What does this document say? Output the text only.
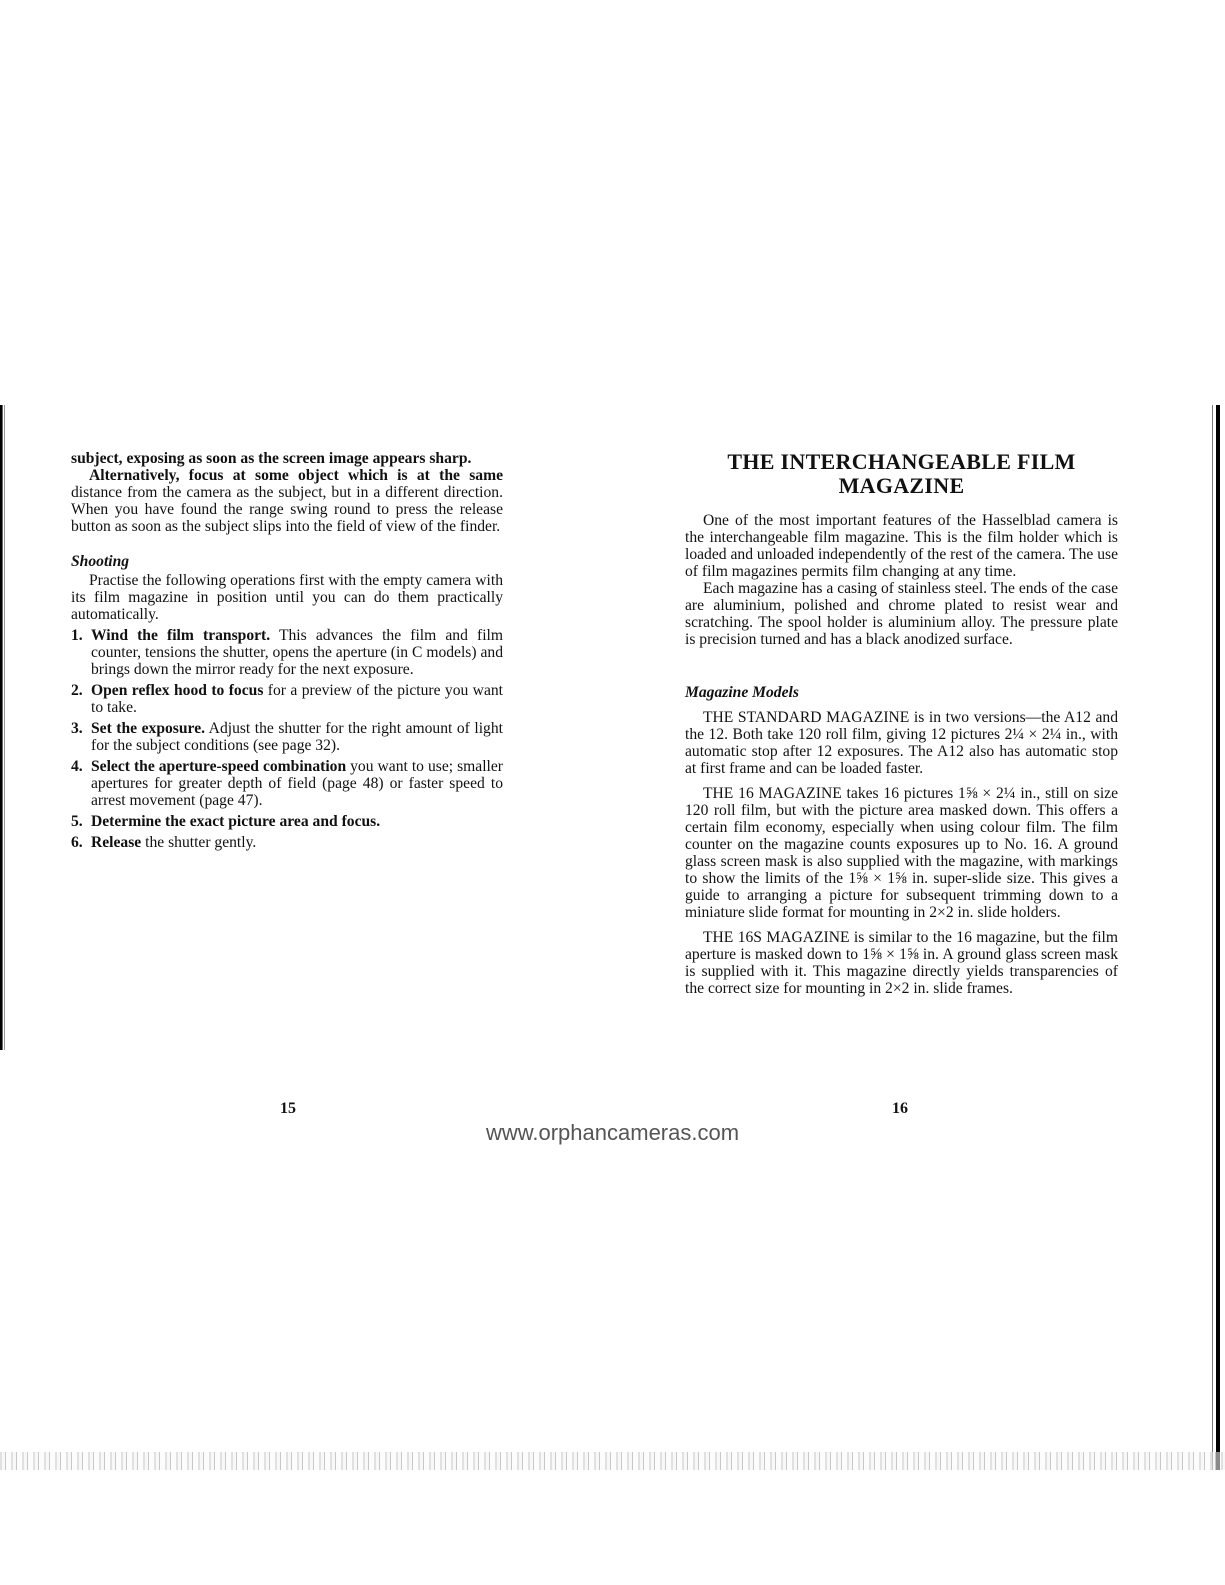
subject, exposing as soon as the screen image appears sharp.

Alternatively, focus at some object which is at the same distance from the camera as the subject, but in a different direction. When you have found the range swing round to press the release button as soon as the subject slips into the field of view of the finder.

Shooting

Practise the following operations first with the empty camera with its film magazine in position until you can do them practically automatically.

1. Wind the film transport. This advances the film and film counter, tensions the shutter, opens the aperture (in C models) and brings down the mirror ready for the next exposure.
2. Open reflex hood to focus for a preview of the picture you want to take.
3. Set the exposure. Adjust the shutter for the right amount of light for the subject conditions (see page 32).
4. Select the aperture-speed combination you want to use; smaller apertures for greater depth of field (page 48) or faster speed to arrest movement (page 47).
5. Determine the exact picture area and focus.
6. Release the shutter gently.
15
THE INTERCHANGEABLE FILM
MAGAZINE

One of the most important features of the Hasselblad camera is the interchangeable film magazine. This is the film holder which is loaded and unloaded independently of the rest of the camera. The use of film magazines permits film changing at any time.

Each magazine has a casing of stainless steel. The ends of the case are aluminium, polished and chrome plated to resist wear and scratching. The spool holder is aluminium alloy. The pressure plate is precision turned and has a black anodized surface.

Magazine Models

THE STANDARD MAGAZINE is in two versions—the A12 and the 12. Both take 120 roll film, giving 12 pictures 2¼ × 2¼ in., with automatic stop after 12 exposures. The A12 also has automatic stop at first frame and can be loaded faster.

THE 16 MAGAZINE takes 16 pictures 1⅝ × 2¼ in., still on size 120 roll film, but with the picture area masked down. This offers a certain film economy, especially when using colour film. The film counter on the magazine counts exposures up to No. 16. A ground glass screen mask is also supplied with the magazine, with markings to show the limits of the 1⅝ × 1⅝ in. super-slide size. This gives a guide to arranging a picture for subsequent trimming down to a miniature slide format for mounting in 2×2 in. slide holders.

THE 16S MAGAZINE is similar to the 16 magazine, but the film aperture is masked down to 1⅝ × 1⅝ in. A ground glass screen mask is supplied with it. This magazine directly yields transparencies of the correct size for mounting in 2×2 in. slide frames.

16
www.orphancameras.com
